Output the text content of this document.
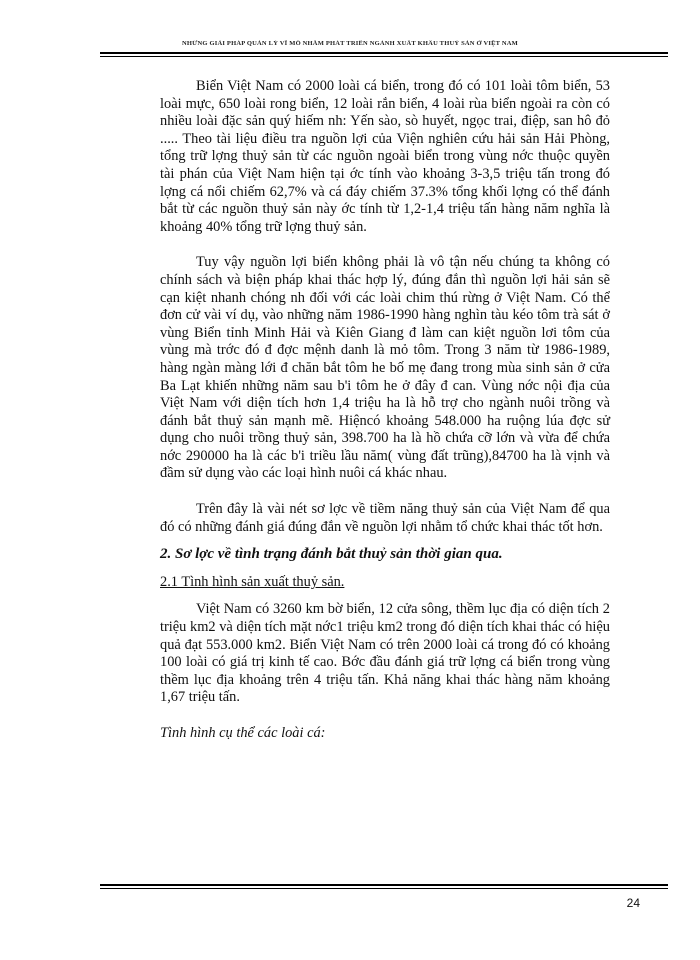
NHỮNG GIẢI PHÁP QUẢN LÝ VĨ MÔ NHẰM PHÁT TRIỂN NGÀNH XUẤT KHẨU THUỶ SẢN Ở VIỆT NAM

Biển Việt Nam có 2000 loài cá biển, trong đó có 101 loài tôm biển, 53 loài mực, 650 loài rong biển, 12 loài rắn biển, 4 loài rùa biển ngoài ra còn có nhiều loài đặc sản quý hiếm nh: Yến sào, sò huyết, ngọc trai, điệp, san hô đỏ ..... Theo tài liệu điều tra nguồn lợi của Viện nghiên cứu hải sản Hải Phòng, tổng trữ lợng thuỷ sản từ các nguồn ngoài biển trong vùng nớc thuộc quyền tài phán của Việt Nam hiện tại ớc tính vào khoảng 3-3,5 triệu tấn trong đó lợng cá nổi chiếm 62,7% và cá đáy chiếm 37.3% tổng khối lợng có thể đánh bắt từ các nguồn thuỷ sản này ớc tính từ 1,2-1,4 triệu tấn hàng năm nghĩa là khoảng 40% tổng trữ lợng thuỷ sản.

Tuy vậy nguồn lợi biển không phải là vô tận nếu chúng ta không có chính sách và biện pháp khai thác hợp lý, đúng đắn thì nguồn lợi hải sản sẽ cạn kiệt nhanh chóng nh đối với các loài chim thú rừng ở Việt Nam. Có thể đơn cử vài ví dụ, vào những năm 1986-1990 hàng nghìn tàu kéo tôm trà sát ở vùng Biển tỉnh Minh Hải và Kiên Giang đ làm can kiệt nguồn lơi tôm của vùng mà trớc đó đ đợc mệnh danh là mỏ tôm. Trong 3 năm từ 1986-1989, hàng ngàn màng lới đ chăn bắt tôm he bố mẹ đang trong mùa sinh sản ở cửa Ba Lạt khiến những năm sau b'i tôm he ở đây đ can. Vùng nớc nội địa của Việt Nam với diện tích hơn 1,4 triệu ha là hỗ trợ cho ngành nuôi trồng và đánh bắt thuỷ sản mạnh mẽ. Hiệncó khoảng 548.000 ha ruộng lúa đợc sử dụng cho nuôi trồng thuỷ sản, 398.700 ha là hồ chứa cỡ lớn và vừa để chứa nớc 290000 ha là các b'i triều lầu năm( vùng đất trũng),84700 ha là vịnh và đầm sử dụng vào các loại hình nuôi cá khác nhau.

Trên đây là vài nét sơ lợc về tiềm năng thuỷ sản của Việt Nam để qua đó có những đánh giá đúng đắn về nguồn lợi nhằm tổ chức khai thác tốt hơn.

2. Sơ lợc về tình trạng đánh bắt thuỷ sản thời gian qua.

2.1 Tình hình sản xuất thuỷ sản.

Việt Nam có 3260 km bờ biển, 12 cửa sông, thềm lục địa có diện tích 2 triệu km2 và diện tích mặt nớc1 triệu km2 trong đó diện tích khai thác có hiệu quả đạt 553.000 km2. Biển Việt Nam có trên 2000 loài cá trong đó có khoảng 100 loài có giá trị kinh tế cao. Bớc đầu đánh giá trữ lợng cá biển trong vùng thềm lục địa khoảng trên 4 triệu tấn. Khả năng khai thác hàng năm khoảng 1,67 triệu tấn.

Tình hình cụ thể các loài cá:

24
